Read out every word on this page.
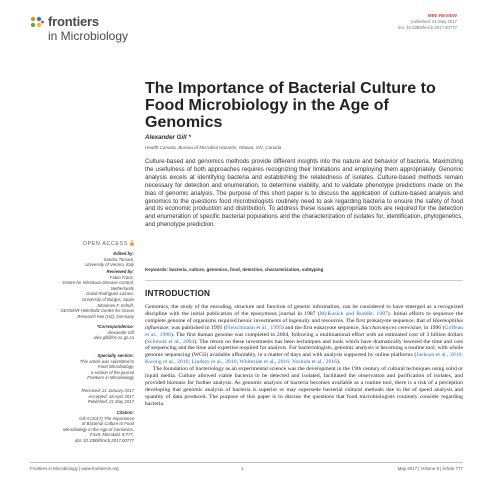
frontiers
in Microbiology
MINI REVIEW
published: 21 May 2017
doi: 10.3389/fmicb.2017.00777
The Importance of Bacterial Culture to Food Microbiology in the Age of Genomics
Alexander Gill *
Health Canada, Bureau of Microbial Hazards, Ottawa, ON, Canada
Culture-based and genomics methods provide different insights into the nature and behavior of bacteria. Maximizing the usefulness of both approaches requires recognizing their limitations and employing them appropriately. Genomic analysis excels at identifying bacteria and establishing the relatedness of isolates. Culture-based methods remain necessary for detection and enumeration, to determine viability, and to validate phenotype predictions made on the bias of genomic analysis. The purpose of this short paper is to discuss the application of culture-based analysis and genomics to the questions food microbiologists routinely need to ask regarding bacteria to ensure the safety of food and its economic production and distribution. To address these issues appropriate tools are required for the detection and enumeration of specific bacterial populations and the characterization of isolates for, identification, phylogenetics, and phenotype prediction.
Keywords: bacteria, culture, genomics, food, detection, characterization, subtyping
INTRODUCTION

Genomics, the study of the encoding, structure and function of genetic information, can be considered to have emerged as a recognized discipline with the initial publication of the eponymous journal in 1987 (McKusick and Ruddle, 1987). Initial efforts to sequence the complete genome of organisms required heroic investments of ingenuity and resources. The first prokaryote sequence, that of Haemophilus influenzae, was published in 1995 (Fleischmann et al., 1995) and the first eukaryote sequence, Saccharomyces cerevisiae, in 1996 (Goffeau et al., 1996). The first human genome was completed in 2004, following a multinational effort with an estimated cost of 3 billion dollars (Schmutz et al., 2004). The return on these investments has been techniques and tools which have dramatically lowered the time and cost of sequencing and the time and expertise required for analysis. For bacteriologists, genomic analysis is becoming a routine tool, with whole genome sequencing (WGS) available affordably, in a matter of days and with analysis supported by online platforms (Jackson et al., 2016; Kwong et al., 2016; Lindsey et al., 2016; Whiteside et al., 2016; Yoshida et al., 2016).

The foundation of bacteriology as an experimental science was the development in the 19th century of cultural techniques using solid or liquid media. Culture allowed viable bacteria to be detected and isolated, facilitated the observation and purification of isolates, and provided biomass for further analysis. As genomic analysis of bacteria becomes available as a routine tool, there is a risk of a perception developing that genomic analysis of bacteria is superior or may supersede bacterial cultural methods due to the of speed analysis and quantity of data produced. The purpose of this paper is to discuss the questions that food microbiologists routinely consider regarding bacteria.

OPEN ACCESS
Edited by:
Sandra Torriani,
University of Verona, Italy
Reviewed by:
Fabio Franz,
Centre for Infectious Disease Control,
Netherlands
David Rodríguez-Lázaro,
University of Burgos, Spain
Johannes F. Imhoff,
GEOMAR Helmholtz Centre for Ocean
Research Kiel (HZ), Germany
*Correspondence:
Alexander Gill
alex.gill@hc-sc.gc.ca
Specialty section:
This article was submitted to
Food Microbiology,
a section of the journal
Frontiers in Microbiology
Received: 21 January 2017
Accepted: 18 April 2017
Published: 21 May 2017
Citation:
Gill A (2017) The Importance
of Bacterial Culture to Food
Microbiology in the Age of Genomics.
Front. Microbiol. 8:777.
doi: 10.3389/fmicb.2017.00777
Frontiers in Microbiology | www.frontiersin.org	1	May 2017 | Volume 8 | Article 777
